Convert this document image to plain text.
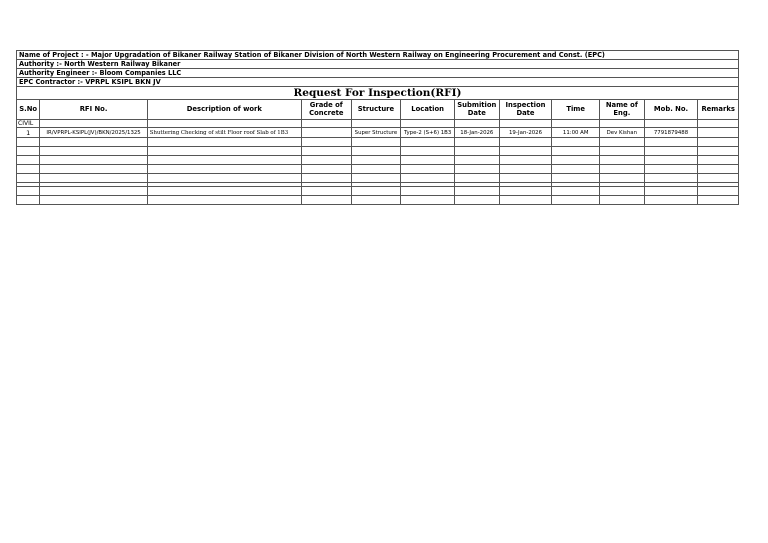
Name of Project : - Major Upgradation of Bikaner Railway Station of Bikaner Division of North Western Railway on Engineering Procurement and Const. (EPC)
Authority :- North Western Railway Bikaner
Authority Engineer :- Bloom Companies LLC
EPC Contractor :- VPRPL KSIPL BKN JV
Request For Inspection(RFI)
S.No	RFI No.	Description of work	Grade of Concrete	Structure	Location	Submition Date	Inspection Date	Time	Name of Eng.	Mob. No.	Remarks
CIVIL											
1	IR/VPRPL-KSIPL(JV)/BKN/2025/1325	Shuttering Checking of stilt Floor roof Slab of 1B3		Super Structure	Type-2 (S+6) 1B3	18-Jan-2026	19-Jan-2026	11:00 AM	Dev Kishan	7791879488	
